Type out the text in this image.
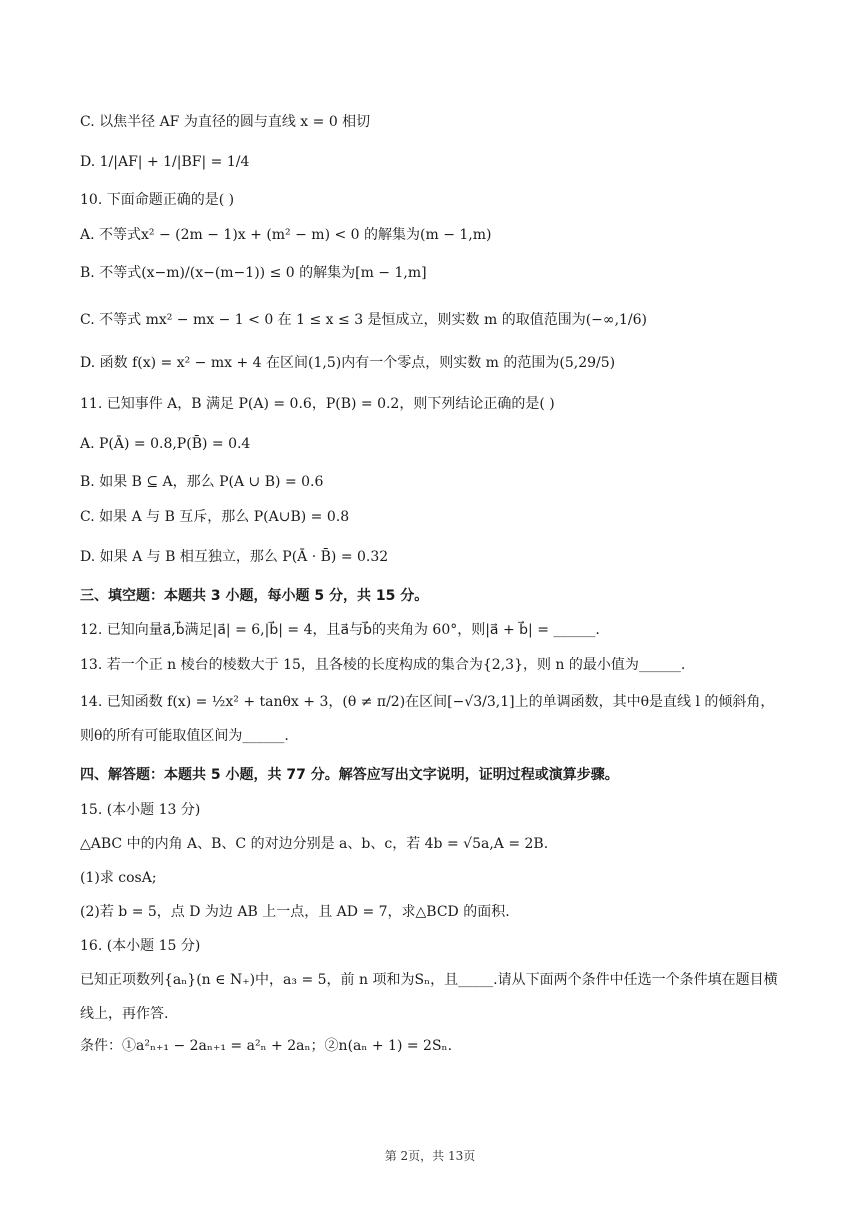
C. 以焦半径 AF 为直径的圆与直线 x = 0 相切
D. 1/|AF| + 1/|BF| = 1/4
10. 下面命题正确的是( )
A. 不等式x² − (2m − 1)x + (m² − m) < 0 的解集为(m − 1,m)
B. 不等式(x−m)/(x−(m−1)) ≤ 0 的解集为[m − 1,m]
C. 不等式 mx² − mx − 1 < 0 在 1 ≤ x ≤ 3 是恒成立，则实数 m 的取值范围为(−∞,1/6)
D. 函数 f(x) = x² − mx + 4 在区间(1,5)内有一个零点，则实数 m 的范围为(5,29/5)
11. 已知事件 A，B 满足 P(A) = 0.6，P(B) = 0.2，则下列结论正确的是( )
A. P(Ā) = 0.8,P(B̄) = 0.4
B. 如果 B ⊆ A，那么 P(A ∪ B) = 0.6
C. 如果 A 与 B 互斥，那么 P(A∪B) = 0.8
D. 如果 A 与 B 相互独立，那么 P(Ā · B̄) = 0.32
三、填空题：本题共 3 小题，每小题 5 分，共 15 分。
12. 已知向量a⃗,b⃗满足|a⃗| = 6,|b⃗| = 4，且a⃗与b⃗的夹角为 60°，则|a⃗ + b⃗| = ______.
13. 若一个正 n 棱台的棱数大于 15，且各棱的长度构成的集合为{2,3}，则 n 的最小值为______.
14. 已知函数 f(x) = ½x² + tanθx + 3，(θ ≠ π/2)在区间[−√3/3,1]上的单调函数，其中θ是直线 l 的倾斜角，则θ的所有可能取值区间为______.
四、解答题：本题共 5 小题，共 77 分。解答应写出文字说明，证明过程或演算步骤。
15. (本小题 13 分)
△ABC 中的内角 A、B、C 的对边分别是 a、b、c，若 4b = √5a,A = 2B.
(1)求 cosA;
(2)若 b = 5，点 D 为边 AB 上一点，且 AD = 7，求△BCD 的面积.
16. (本小题 15 分)
已知正项数列{aₙ}(n ∈ N₊)中，a₃ = 5，前 n 项和为Sₙ，且_____.请从下面两个条件中任选一个条件填在题目横线上，再作答.
条件：①a²ₙ₊₁ − 2aₙ₊₁ = a²ₙ + 2aₙ；②n(aₙ + 1) = 2Sₙ.
第 2页，共 13页
